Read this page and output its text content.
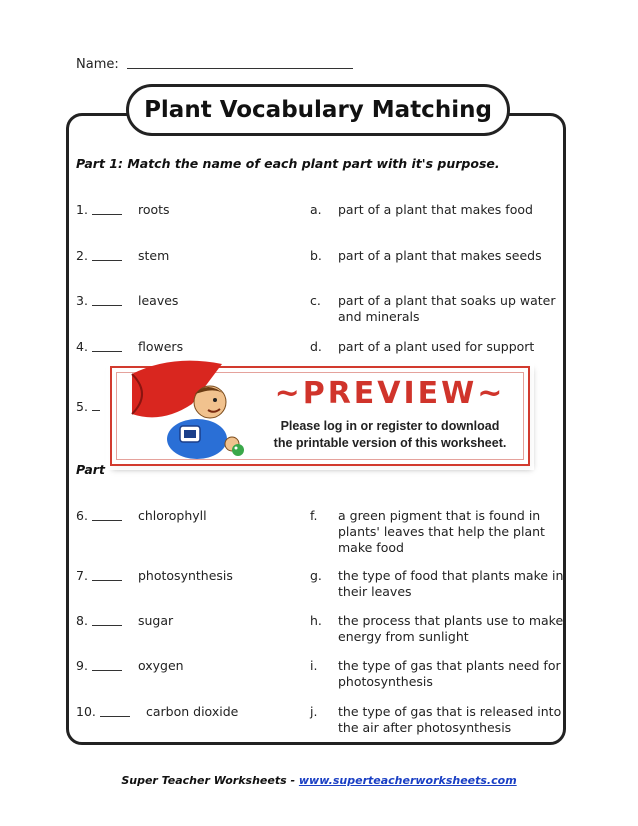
Name:
Plant Vocabulary Matching
Part 1: Match the name of each plant part with it's purpose.
1.	roots	a. part of a plant that makes food
2.	stem	b. part of a plant that makes seeds
3.	leaves	c. part of a plant that soaks up water and minerals
4.	flowers	d. part of a plant used for support
5.
Part
6.	chlorophyll	f. a green pigment that is found in plants' leaves that help the plant make food
7.	photosynthesis	g. the type of food that plants make in their leaves
8.	sugar	h. the process that plants use to make energy from sunlight
9.	oxygen	i. the type of gas that plants need for photosynthesis
10.	carbon dioxide	j. the type of gas that is released into the air after photosynthesis
~PREVIEW~
Please log in or register to download
the printable version of this worksheet.
Super Teacher Worksheets - www.superteacherworksheets.com
